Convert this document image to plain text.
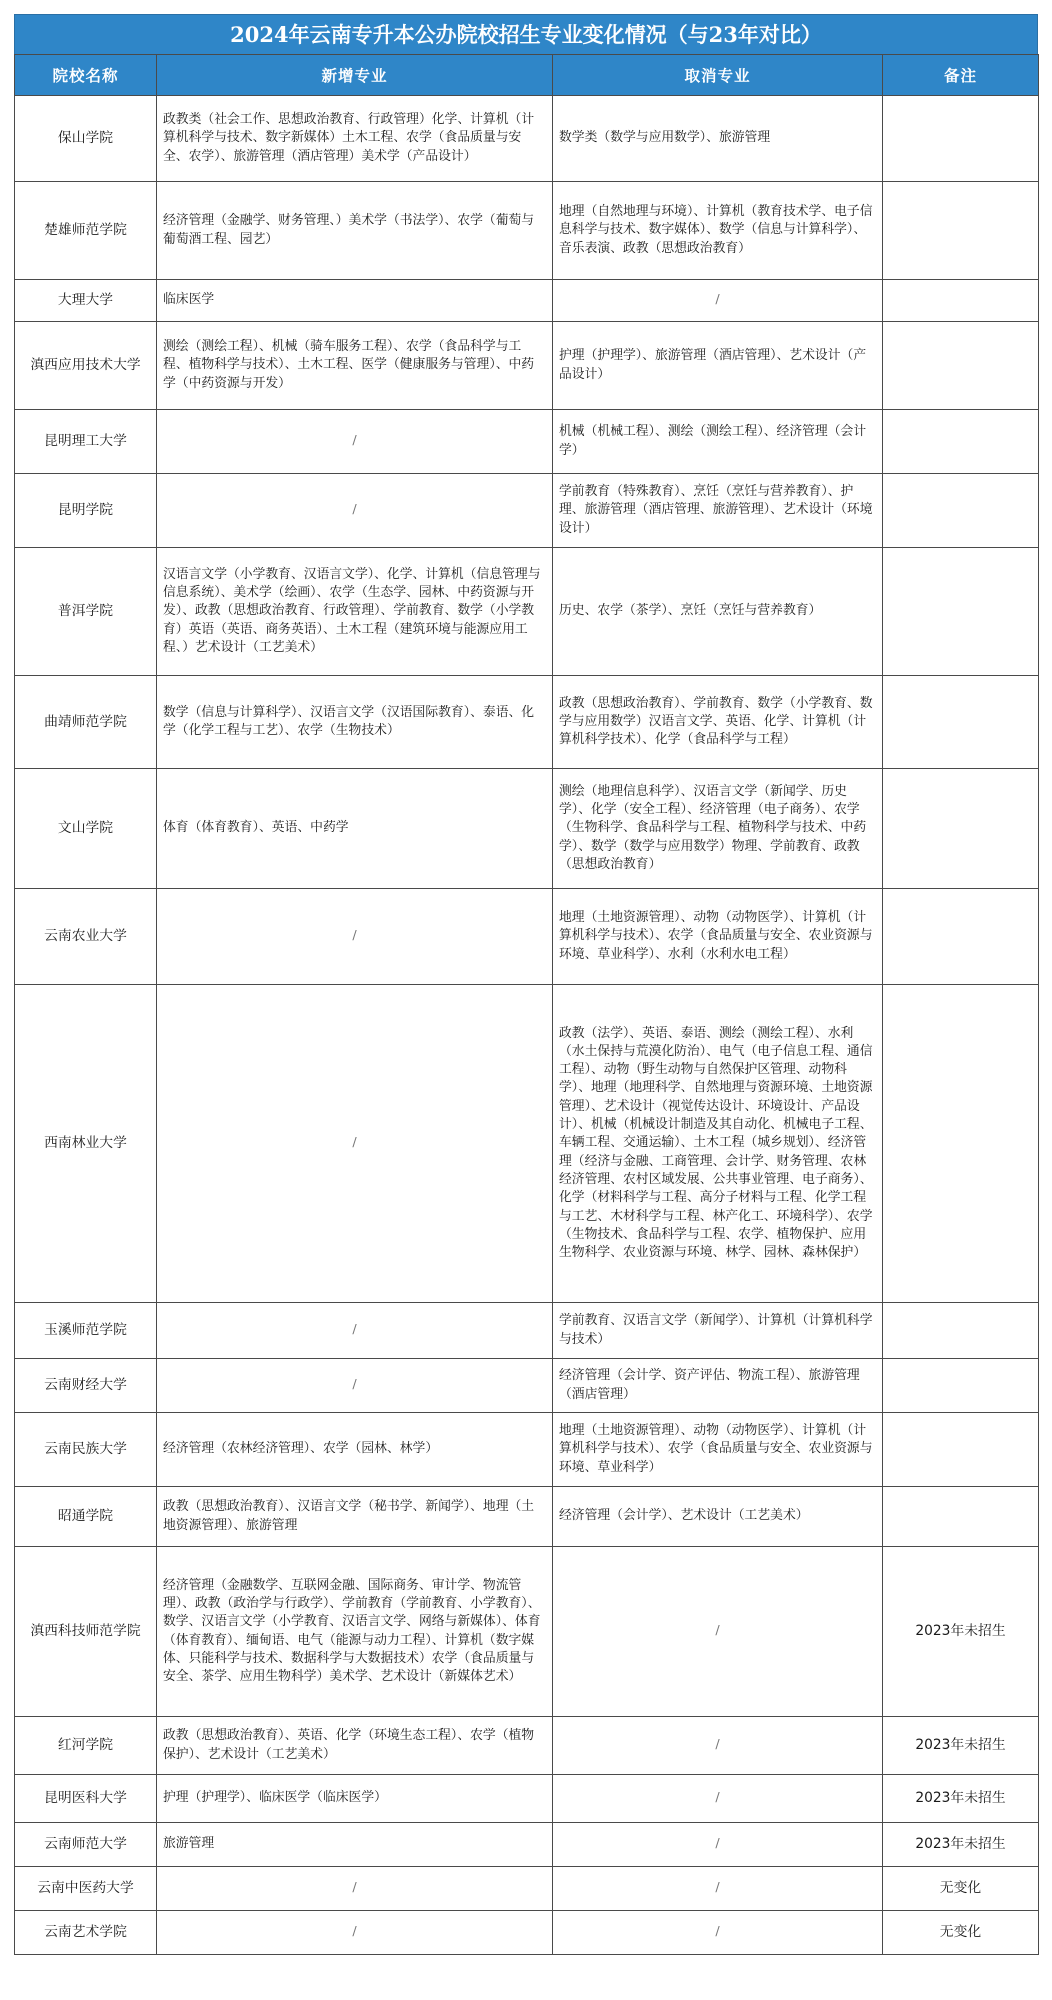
2024年云南专升本公办院校招生专业变化情况（与23年对比）
院校名称	新增专业	取消专业	备注
保山学院	政教类（社会工作、思想政治教育、行政管理）化学、计算机（计算机科学与技术、数字新媒体）土木工程、农学（食品质量与安全、农学）、旅游管理（酒店管理）美术学（产品设计）	数学类（数学与应用数学）、旅游管理	
楚雄师范学院	经济管理（金融学、财务管理、）美术学（书法学）、农学（葡萄与葡萄酒工程、园艺）	地理（自然地理与环境）、计算机（教育技术学、电子信息科学与技术、数字媒体）、数学（信息与计算科学）、音乐表演、政教（思想政治教育）	
大理大学	临床医学	/	
滇西应用技术大学	测绘（测绘工程）、机械（骑车服务工程）、农学（食品科学与工程、植物科学与技术）、土木工程、医学（健康服务与管理）、中药学（中药资源与开发）	护理（护理学）、旅游管理（酒店管理）、艺术设计（产品设计）	
昆明理工大学	/	机械（机械工程）、测绘（测绘工程）、经济管理（会计学）	
昆明学院	/	学前教育（特殊教育）、烹饪（烹饪与营养教育）、护理、旅游管理（酒店管理、旅游管理）、艺术设计（环境设计）	
普洱学院	汉语言文学（小学教育、汉语言文学）、化学、计算机（信息管理与信息系统）、美术学（绘画）、农学（生态学、园林、中药资源与开发）、政教（思想政治教育、行政管理）、学前教育、数学（小学教育）英语（英语、商务英语）、土木工程（建筑环境与能源应用工程、）艺术设计（工艺美术）	历史、农学（茶学）、烹饪（烹饪与营养教育）	
曲靖师范学院	数学（信息与计算科学）、汉语言文学（汉语国际教育）、泰语、化学（化学工程与工艺）、农学（生物技术）	政教（思想政治教育）、学前教育、数学（小学教育、数学与应用数学）汉语言文学、英语、化学、计算机（计算机科学技术）、化学（食品科学与工程）	
文山学院	体育（体育教育）、英语、中药学	测绘（地理信息科学）、汉语言文学（新闻学、历史学）、化学（安全工程）、经济管理（电子商务）、农学（生物科学、食品科学与工程、植物科学与技术、中药学）、数学（数学与应用数学）物理、学前教育、政教（思想政治教育）	
云南农业大学	/	地理（土地资源管理）、动物（动物医学）、计算机（计算机科学与技术）、农学（食品质量与安全、农业资源与环境、草业科学）、水利（水利水电工程）	
西南林业大学	/	政教（法学）、英语、泰语、测绘（测绘工程）、水利（水土保持与荒漠化防治）、电气（电子信息工程、通信工程）、动物（野生动物与自然保护区管理、动物科学）、地理（地理科学、自然地理与资源环境、土地资源管理）、艺术设计（视觉传达设计、环境设计、产品设计）、机械（机械设计制造及其自动化、机械电子工程、车辆工程、交通运输）、土木工程（城乡规划）、经济管理（经济与金融、工商管理、会计学、财务管理、农林经济管理、农村区域发展、公共事业管理、电子商务）、化学（材料科学与工程、高分子材料与工程、化学工程与工艺、木材科学与工程、林产化工、环境科学）、农学（生物技术、食品科学与工程、农学、植物保护、应用生物科学、农业资源与环境、林学、园林、森林保护）	
玉溪师范学院	/	学前教育、汉语言文学（新闻学）、计算机（计算机科学与技术）	
云南财经大学	/	经济管理（会计学、资产评估、物流工程）、旅游管理（酒店管理）	
云南民族大学	经济管理（农林经济管理）、农学（园林、林学）	地理（土地资源管理）、动物（动物医学）、计算机（计算机科学与技术）、农学（食品质量与安全、农业资源与环境、草业科学）	
昭通学院	政教（思想政治教育）、汉语言文学（秘书学、新闻学）、地理（土地资源管理）、旅游管理	经济管理（会计学）、艺术设计（工艺美术）	
滇西科技师范学院	经济管理（金融数学、互联网金融、国际商务、审计学、物流管理）、政教（政治学与行政学）、学前教育（学前教育、小学教育）、数学、汉语言文学（小学教育、汉语言文学、网络与新媒体）、体育（体育教育）、缅甸语、电气（能源与动力工程）、计算机（数字媒体、只能科学与技术、数据科学与大数据技术）农学（食品质量与安全、茶学、应用生物科学）美术学、艺术设计（新媒体艺术）	/	2023年未招生
红河学院	政教（思想政治教育）、英语、化学（环境生态工程）、农学（植物保护）、艺术设计（工艺美术）	/	2023年未招生
昆明医科大学	护理（护理学）、临床医学（临床医学）	/	2023年未招生
云南师范大学	旅游管理	/	2023年未招生
云南中医药大学	/	/	无变化
云南艺术学院	/	/	无变化
